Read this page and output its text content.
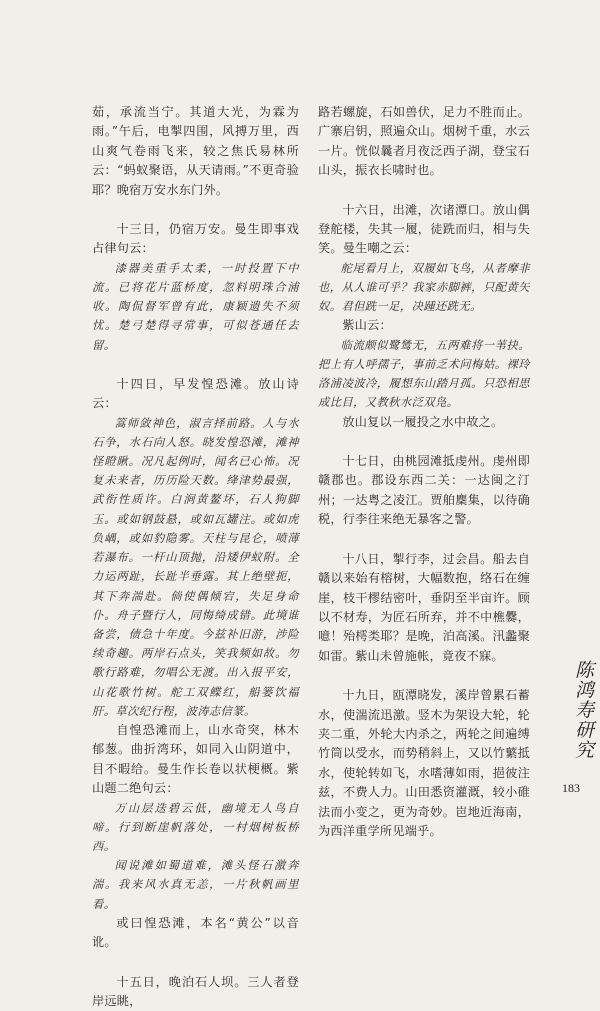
茹，承流当宁。其道大光，为霖为雨。”午后，电掣四围，风搏万里，西山爽气卷雨飞来，较之焦氏易林所云：“蚂蚁聚语，从天请雨。”不更奇验耶？晚宿万安水东门外。

十三日，仍宿万安。曼生即事戏占律句云：

漆器美重手太柔，一时投置下中流。已将花片蓝桥度，忽料明珠合浦收。陶侃督军曾有此，康颖遗失不须忧。楚弓楚得寻常事，可似苍通任去留。

十四日，早发惶恐滩。放山诗云：

篙师敛神色，淑言择前路。人与水石争，水石向人怒。晓发惶恐滩，滩神怪瞪瞅。况凡起例时，闻名已心怖。况复未来者，历历险天数。绛津势最强，武衔性质许。白涧黄鳌坏，石人狗脚玉。或如钢鼓悬，或如瓦罐注。或如虎负嵎，或如豹隐雾。天柱与昆仑，喷薄若瀑布。一杆山顶抛，沿矮伊蚁附。全力运两趾，长趾半垂露。其上绝壁扼，其下奔湍赴。倘使偶倾宕，失足身命仆。舟子暨行人，同悔绮成错。此境谁备尝，债急十年度。今兹补旧游，涉险续奇趣。两岸石点头，笑我频如故。勿歌行路难，勿唱公无渡。出入报平安，山花歌竹树。舵工双鲽红，船篓饮福肝。草次纪行程，波涛志信篆。

自惶恐滩而上，山水奇突，林木郁葱。曲折湾环，如同入山阴道中，目不暇给。曼生作长卷以状梗概。紫山题二绝句云：

万山层迭碧云低，幽境无人鸟自啼。行到断崖帆落处，一村烟树板桥西。

闻说滩如蜀道难，滩头怪石激奔湍。我来风水真无恙，一片秋帆画里看。

或曰惶恐滩，本名“黄公”以音讹。

十五日，晚泊石人坝。三人者登岸远眺，

路若螺旋，石如兽伏，足力不胜而止。广寨启钥，照遍众山。烟树千重，水云一片。恍似曩者月夜泛西子湖，登宝石山头，振衣长啸时也。

十六日，出滩，次诸潭口。放山偶登舵楼，失其一履，徒跣而归，相与失笑。曼生嘲之云：

舵尾看月上，双履如飞鸟，从者摩非也，从人谁可乎？我家赤脚裤，只配黄矢奴。君但跣一足，决踵还跣无。

紫山云：

临流颇似鹭鸶无，五两难将一苇抉。把上有人呼孺子，事前乏术问梅姑。裸玲洛浦凌波冷，履想东山踏月孤。只恐相思成比目，又教秋水泛双凫。

放山复以一履投之水中故之。

十七日，由桃园滩抵虔州。虔州即赣郡也。郡设东西二关：一达闽之汀州；一达粤之凌江。贾舶麇集，以待确税，行李往来绝无暴客之警。

十八日，掣行李，过会昌。船去自赣以来始有榕树，大幅数抱，络石在缠崖，枝干樛结密叶，垂阴至半亩许。顾以不材寿，为匠石所弃，并不中樵爨，噫！殆樗类耶？是晚，泊高溪。汛蠡聚如雷。紫山未曾施帐，竟夜不寐。

十九日，瓯潭晓发，溪岸曾累石蓄水，使湍流迅激。竖木为架设大轮，轮夹二重，外轮大内杀之，两轮之间遍缚竹筒以受水，而势稍斜上，又以竹蘩抵水，使轮转如飞，水嗜薄如雨，挹彼注兹，不费人力。山田悉资灌溉，较小碓法而小变之，更为奇妙。岜地近海南，为西洋重学所见端乎。

陈鸿寿研究
183
